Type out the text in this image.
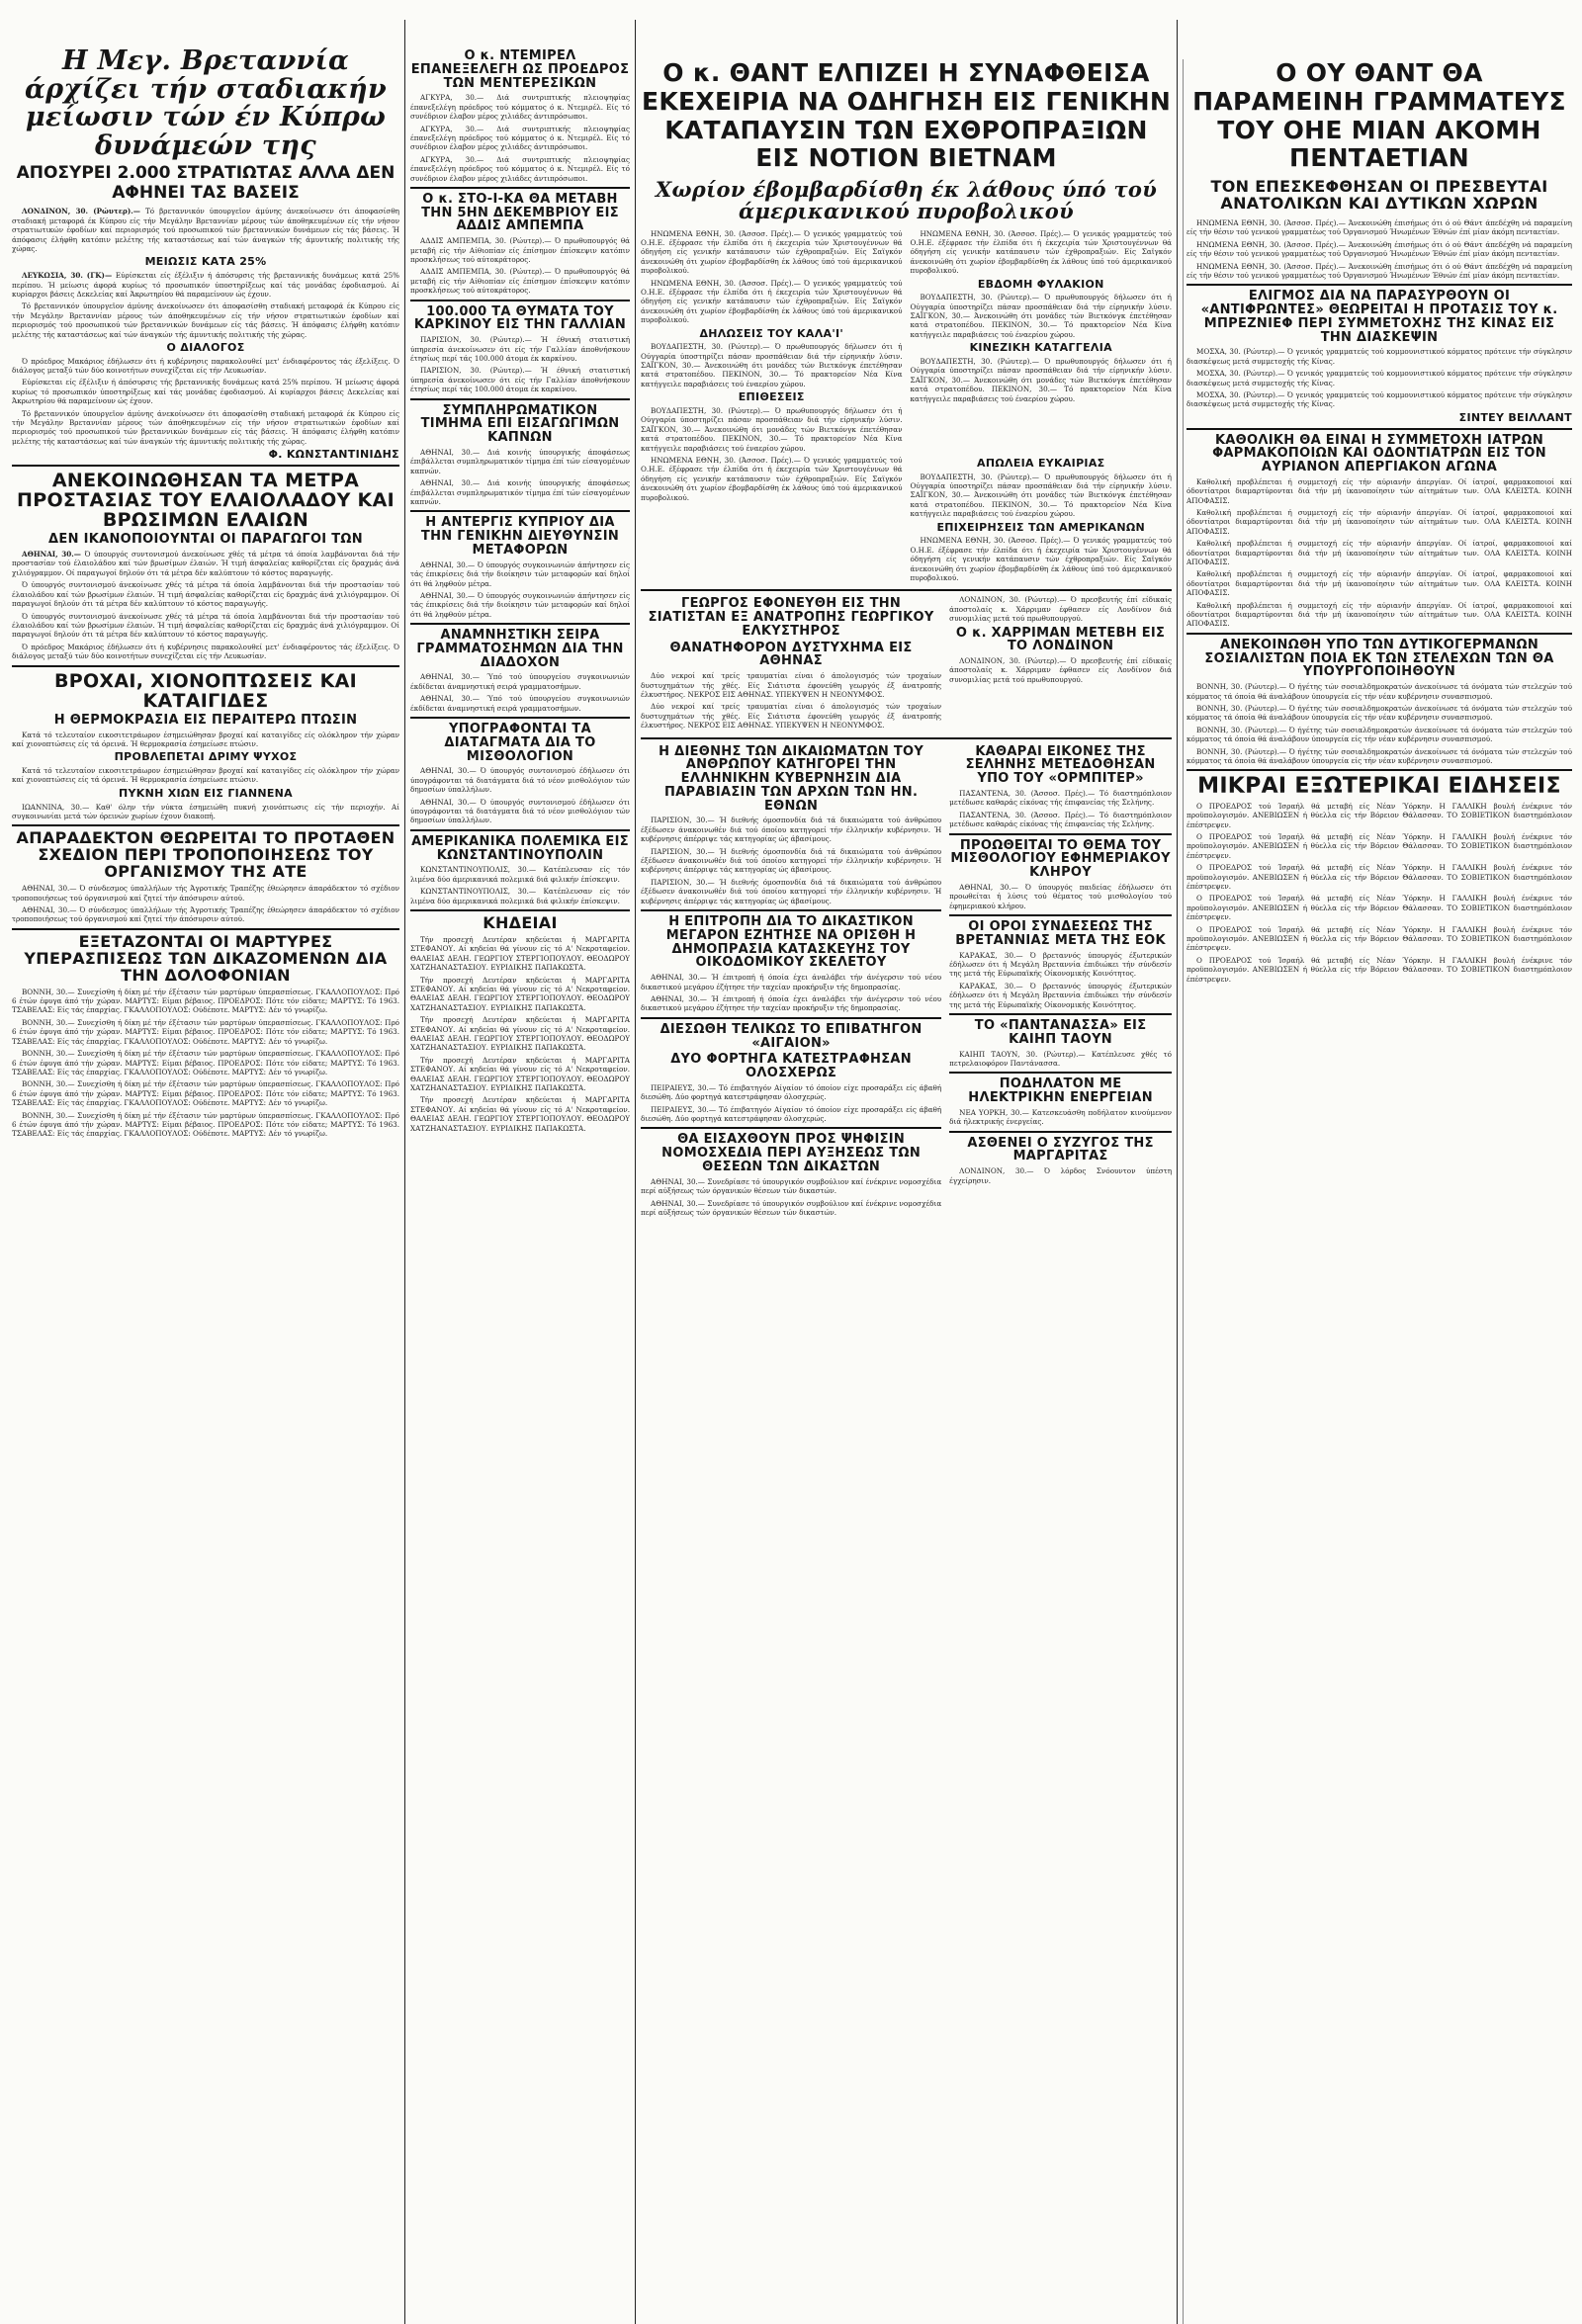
Η Μεγ. Βρεταννία άρχίζει τήν σταδιακήν μείωσιν τών έν Κύπρω δυνάμεών της
ΑΠΟΣΥΡΕΙ 2.000 ΣΤΡΑΤΙΩΤΑΣ ΑΛΛΑ ΔΕΝ ΑΦΗΝΕΙ ΤΑΣ ΒΑΣΕΙΣ

ΛΟΝΔΙΝΟΝ, 30. (Ρώυτερ).— Τό βρεταννικόν ύπουργεϊον άμύνης άνεκοίνωσεν ότι άποφασίσθη σταδιακή μεταφορά έκ Κύπρου είς τήν Μεγάλην Βρεταννίαν μέρους τών άποθηκευμένων είς τήν νήσον στρατιωτικών έφοδίων καί περιορισμός τού προσωπικού τών βρεταννικών δυνάμεων είς τάς βάσεις. Ή άπόφασις έλήφθη κατόπιν μελέτης τής καταστάσεως καί τών άναγκών τής άμυντικής πολιτικής τής χώρας.

ΜΕΙΩΣΙΣ ΚΑΤΑ 25%

ΛΕΥΚΩΣΙΑ, 30. (ΓΚ)— Εύρίσκεται είς έξέλιξιν ή άπόσυρσις τής βρεταννικής δυνάμεως κατά 25% περίπου. Ή μείωσις άφορά κυρίως τό προσωπικόν ύποστηρίξεως καί τάς μονάδας έφοδιασμού. Αί κυρίαρχοι βάσεις Δεκελείας καί Άκρωτηρίου θά παραμείνουν ώς έχουν.

Τό βρεταννικόν ύπουργεϊον άμύνης άνεκοίνωσεν ότι άποφασίσθη σταδιακή μεταφορά έκ Κύπρου είς τήν Μεγάλην Βρεταννίαν μέρους τών άποθηκευμένων είς τήν νήσον στρατιωτικών έφοδίων καί περιορισμός τού προσωπικού τών βρεταννικών δυνάμεων είς τάς βάσεις. Ή άπόφασις έλήφθη κατόπιν μελέτης τής καταστάσεως καί τών άναγκών τής άμυντικής πολιτικής τής χώρας.

Ο ΔΙΑΛΟΓΟΣ

Ό πρόεδρος Μακάριος έδήλωσεν ότι ή κυβέρνησις παρακολουθεί μετ' ένδιαφέροντος τάς έξελίξεις. Ό διάλογος μεταξύ τών δύο κοινοτήτων συνεχίζεται είς τήν Λευκωσίαν.

Εύρίσκεται είς έξέλιξιν ή άπόσυρσις τής βρεταννικής δυνάμεως κατά 25% περίπου. Ή μείωσις άφορά κυρίως τό προσωπικόν ύποστηρίξεως καί τάς μονάδας έφοδιασμού. Αί κυρίαρχοι βάσεις Δεκελείας καί Άκρωτηρίου θά παραμείνουν ώς έχουν.

Τό βρεταννικόν ύπουργεϊον άμύνης άνεκοίνωσεν ότι άποφασίσθη σταδιακή μεταφορά έκ Κύπρου είς τήν Μεγάλην Βρεταννίαν μέρους τών άποθηκευμένων είς τήν νήσον στρατιωτικών έφοδίων καί περιορισμός τού προσωπικού τών βρεταννικών δυνάμεων είς τάς βάσεις. Ή άπόφασις έλήφθη κατόπιν μελέτης τής καταστάσεως καί τών άναγκών τής άμυντικής πολιτικής τής χώρας.

Φ. ΚΩΝΣΤΑΝΤΙΝΙΔΗΣ
ΑΝΕΚΟΙΝΩΘΗΣΑΝ ΤΑ ΜΕΤΡΑ ΠΡΟΣΤΑΣΙΑΣ ΤΟΥ ΕΛΑΙΟΛΑΔΟΥ ΚΑΙ ΒΡΩΣΙΜΩΝ ΕΛΑΙΩΝ
ΔΕΝ ΙΚΑΝΟΠΟΙΟΥΝΤΑΙ ΟΙ ΠΑΡΑΓΩΓΟΙ ΤΩΝ

ΑΘΗΝΑΙ, 30.— Ό ύπουργός συντονισμού άνεκοίνωσε χθές τά μέτρα τά όποία λαμβάνονται διά τήν προστασίαν τού έλαιολάδου καί τών βρωσίμων έλαιών. Ή τιμή άσφαλείας καθορίζεται είς δραχμάς άνά χιλιόγραμμον. Οί παραγωγοί δηλούν ότι τά μέτρα δέν καλύπτουν τό κόστος παραγωγής.

Ό ύπουργός συντονισμού άνεκοίνωσε χθές τά μέτρα τά όποία λαμβάνονται διά τήν προστασίαν τού έλαιολάδου καί τών βρωσίμων έλαιών. Ή τιμή άσφαλείας καθορίζεται είς δραχμάς άνά χιλιόγραμμον. Οί παραγωγοί δηλούν ότι τά μέτρα δέν καλύπτουν τό κόστος παραγωγής.

Ό ύπουργός συντονισμού άνεκοίνωσε χθές τά μέτρα τά όποία λαμβάνονται διά τήν προστασίαν τού έλαιολάδου καί τών βρωσίμων έλαιών. Ή τιμή άσφαλείας καθορίζεται είς δραχμάς άνά χιλιόγραμμον. Οί παραγωγοί δηλούν ότι τά μέτρα δέν καλύπτουν τό κόστος παραγωγής.

Ό πρόεδρος Μακάριος έδήλωσεν ότι ή κυβέρνησις παρακολουθεί μετ' ένδιαφέροντος τάς έξελίξεις. Ό διάλογος μεταξύ τών δύο κοινοτήτων συνεχίζεται είς τήν Λευκωσίαν.

ΒΡΟΧΑΙ, ΧΙΟΝΟΠΤΩΣΕΙΣ ΚΑΙ ΚΑΤΑΙΓΙΔΕΣ
Η ΘΕΡΜΟΚΡΑΣΙΑ ΕΙΣ ΠΕΡΑΙΤΕΡΩ ΠΤΩΣΙΝ

Κατά τό τελευταίον εικοσιτετράωρον έσημειώθησαν βροχαί καί καταιγίδες είς ολόκληρον τήν χώραν καί χιονοπτώσεις είς τά όρεινά. Ή θερμοκρασία έσημείωσε πτώσιν.

ΠΡΟΒΛΕΠΕΤΑΙ ΔΡΙΜΥ ΨΥΧΟΣ

Κατά τό τελευταίον εικοσιτετράωρον έσημειώθησαν βροχαί καί καταιγίδες είς ολόκληρον τήν χώραν καί χιονοπτώσεις είς τά όρεινά. Ή θερμοκρασία έσημείωσε πτώσιν.

ΠΥΚΝΗ ΧΙΩΝ ΕΙΣ ΓΙΑΝΝΕΝΑ

ΙΩΑΝΝΙΝΑ, 30.— Καθ' όλην τήν νύκτα έσημειώθη πυκνή χιονόπτωσις είς τήν περιοχήν. Αί συγκοινωνίαι μετά τών όρεινών χωρίων έχουν διακοπή.

ΑΠΑΡΑΔΕΚΤΟΝ ΘΕΩΡΕΙΤΑΙ ΤΟ ΠΡΟΤΑΘΕΝ ΣΧΕΔΙΟΝ ΠΕΡΙ ΤΡΟΠΟΠΟΙΗΣΕΩΣ ΤΟΥ ΟΡΓΑΝΙΣΜΟΥ ΤΗΣ ΑΤΕ

ΑΘΗΝΑΙ, 30.— Ό σύνδεσμος ύπαλλήλων τής Άγροτικής Τραπέζης έθεώρησεν άπαράδεκτον τό σχέδιον τροποποιήσεως τού όργανισμού καί ζητεί τήν άπόσυρσιν αύτού.

ΑΘΗΝΑΙ, 30.— Ό σύνδεσμος ύπαλλήλων τής Άγροτικής Τραπέζης έθεώρησεν άπαράδεκτον τό σχέδιον τροποποιήσεως τού όργανισμού καί ζητεί τήν άπόσυρσιν αύτού.

ΕΞΕΤΑΖΟΝΤΑΙ ΟΙ ΜΑΡΤΥΡΕΣ ΥΠΕΡΑΣΠΙΣΕΩΣ ΤΩΝ ΔΙΚΑΖΟΜΕΝΩΝ ΔΙΑ ΤΗΝ ΔΟΛΟΦΟΝΙΑΝ

ΒΟΝΝΗ, 30.— Συνεχίσθη ή δίκη μέ τήν έξέτασιν τών μαρτύρων ύπερασπίσεως. ΓΚΑΛΛΟΠΟΥΛΟΣ: Πρό 6 έτών έφυγα άπό τήν χώραν. ΜΑΡΤΥΣ: Είμαι βέβαιος. ΠΡΟΕΔΡΟΣ: Πότε τόν είδατε; ΜΑΡΤΥΣ: Τό 1963. ΤΣΑΒΕΛΑΣ: Είς τάς έπαρχίας. ΓΚΑΛΛΟΠΟΥΛΟΣ: Ούδέποτε. ΜΑΡΤΥΣ: Δέν τό γνωρίζω.

ΒΟΝΝΗ, 30.— Συνεχίσθη ή δίκη μέ τήν έξέτασιν τών μαρτύρων ύπερασπίσεως. ΓΚΑΛΛΟΠΟΥΛΟΣ: Πρό 6 έτών έφυγα άπό τήν χώραν. ΜΑΡΤΥΣ: Είμαι βέβαιος. ΠΡΟΕΔΡΟΣ: Πότε τόν είδατε; ΜΑΡΤΥΣ: Τό 1963. ΤΣΑΒΕΛΑΣ: Είς τάς έπαρχίας. ΓΚΑΛΛΟΠΟΥΛΟΣ: Ούδέποτε. ΜΑΡΤΥΣ: Δέν τό γνωρίζω.

ΒΟΝΝΗ, 30.— Συνεχίσθη ή δίκη μέ τήν έξέτασιν τών μαρτύρων ύπερασπίσεως. ΓΚΑΛΛΟΠΟΥΛΟΣ: Πρό 6 έτών έφυγα άπό τήν χώραν. ΜΑΡΤΥΣ: Είμαι βέβαιος. ΠΡΟΕΔΡΟΣ: Πότε τόν είδατε; ΜΑΡΤΥΣ: Τό 1963. ΤΣΑΒΕΛΑΣ: Είς τάς έπαρχίας. ΓΚΑΛΛΟΠΟΥΛΟΣ: Ούδέποτε. ΜΑΡΤΥΣ: Δέν τό γνωρίζω.

ΒΟΝΝΗ, 30.— Συνεχίσθη ή δίκη μέ τήν έξέτασιν τών μαρτύρων ύπερασπίσεως. ΓΚΑΛΛΟΠΟΥΛΟΣ: Πρό 6 έτών έφυγα άπό τήν χώραν. ΜΑΡΤΥΣ: Είμαι βέβαιος. ΠΡΟΕΔΡΟΣ: Πότε τόν είδατε; ΜΑΡΤΥΣ: Τό 1963. ΤΣΑΒΕΛΑΣ: Είς τάς έπαρχίας. ΓΚΑΛΛΟΠΟΥΛΟΣ: Ούδέποτε. ΜΑΡΤΥΣ: Δέν τό γνωρίζω.

ΒΟΝΝΗ, 30.— Συνεχίσθη ή δίκη μέ τήν έξέτασιν τών μαρτύρων ύπερασπίσεως. ΓΚΑΛΛΟΠΟΥΛΟΣ: Πρό 6 έτών έφυγα άπό τήν χώραν. ΜΑΡΤΥΣ: Είμαι βέβαιος. ΠΡΟΕΔΡΟΣ: Πότε τόν είδατε; ΜΑΡΤΥΣ: Τό 1963. ΤΣΑΒΕΛΑΣ: Είς τάς έπαρχίας. ΓΚΑΛΛΟΠΟΥΛΟΣ: Ούδέποτε. ΜΑΡΤΥΣ: Δέν τό γνωρίζω.

Ο κ. ΝΤΕΜΙΡΕΛ ΕΠΑΝΕΞΕΛΕΓΗ ΩΣ ΠΡΟΕΔΡΟΣ ΤΩΝ ΜΕΝΤΕΡΕΣΙΚΩΝ

ΑΓΚΥΡΑ, 30.— Διά συντριπτικής πλειοψηφίας έπανεξελέγη πρόεδρος τού κόμματος ό κ. Ντεμιρέλ. Είς τό συνέδριον έλαβον μέρος χιλιάδες άντιπρόσωποι.

ΑΓΚΥΡΑ, 30.— Διά συντριπτικής πλειοψηφίας έπανεξελέγη πρόεδρος τού κόμματος ό κ. Ντεμιρέλ. Είς τό συνέδριον έλαβον μέρος χιλιάδες άντιπρόσωποι.

ΑΓΚΥΡΑ, 30.— Διά συντριπτικής πλειοψηφίας έπανεξελέγη πρόεδρος τού κόμματος ό κ. Ντεμιρέλ. Είς τό συνέδριον έλαβον μέρος χιλιάδες άντιπρόσωποι.

Ο κ. ΣΤΟ-Ι-ΚΑ ΘΑ ΜΕΤΑΒΗ ΤΗΝ 5ΗΝ ΔΕΚΕΜΒΡΙΟΥ ΕΙΣ ΑΔΔΙΣ ΑΜΠΕΜΠΑ

ΑΔΔΙΣ ΑΜΠΕΜΠΑ, 30. (Ρώυτερ).— Ό πρωθυπουργός θά μεταβή είς τήν Αίθιοπίαν είς έπίσημον έπίσκεψιν κατόπιν προσκλήσεως τού αύτοκράτορος.

ΑΔΔΙΣ ΑΜΠΕΜΠΑ, 30. (Ρώυτερ).— Ό πρωθυπουργός θά μεταβή είς τήν Αίθιοπίαν είς έπίσημον έπίσκεψιν κατόπιν προσκλήσεως τού αύτοκράτορος.

100.000 ΤΑ ΘΥΜΑΤΑ ΤΟΥ ΚΑΡΚΙΝΟΥ ΕΙΣ ΤΗΝ ΓΑΛΛΙΑΝ

ΠΑΡΙΣΙΟΝ, 30. (Ρώυτερ).— Ή έθνική στατιστική ύπηρεσία άνεκοίνωσεν ότι είς τήν Γαλλίαν άποθνήσκουν έτησίως περί τάς 100.000 άτομα έκ καρκίνου.

ΠΑΡΙΣΙΟΝ, 30. (Ρώυτερ).— Ή έθνική στατιστική ύπηρεσία άνεκοίνωσεν ότι είς τήν Γαλλίαν άποθνήσκουν έτησίως περί τάς 100.000 άτομα έκ καρκίνου.

ΣΥΜΠΛΗΡΩΜΑΤΙΚΟΝ ΤΙΜΗΜΑ ΕΠΙ ΕΙΣΑΓΩΓΙΜΩΝ ΚΑΠΝΩΝ

ΑΘΗΝΑΙ, 30.— Διά κοινής ύπουργικής άποφάσεως έπιβάλλεται συμπληρωματικόν τίμημα έπί τών είσαγομένων καπνών.

ΑΘΗΝΑΙ, 30.— Διά κοινής ύπουργικής άποφάσεως έπιβάλλεται συμπληρωματικόν τίμημα έπί τών είσαγομένων καπνών.

Η ΑΝΤΕΡΓΙΣ ΚΥΠΡΙΟΥ ΔΙΑ ΤΗΝ ΓΕΝΙΚΗΝ ΔΙΕΥΘΥΝΣΙΝ ΜΕΤΑΦΟΡΩΝ

ΑΘΗΝΑΙ, 30.— Ό ύπουργός συγκοινωνιών άπήντησεν είς τάς έπικρίσεις διά τήν διοίκησιν τών μεταφορών καί δηλοί ότι θά ληφθούν μέτρα.

ΑΘΗΝΑΙ, 30.— Ό ύπουργός συγκοινωνιών άπήντησεν είς τάς έπικρίσεις διά τήν διοίκησιν τών μεταφορών καί δηλοί ότι θά ληφθούν μέτρα.

ΑΝΑΜΝΗΣΤΙΚΗ ΣΕΙΡΑ ΓΡΑΜΜΑΤΟΣΗΜΩΝ ΔΙΑ ΤΗΝ ΔΙΑΔΟΧΟΝ

ΑΘΗΝΑΙ, 30.— Ύπό τού ύπουργείου συγκοινωνιών έκδίδεται άναμνηστική σειρά γραμματοσήμων.

ΑΘΗΝΑΙ, 30.— Ύπό τού ύπουργείου συγκοινωνιών έκδίδεται άναμνηστική σειρά γραμματοσήμων.

ΥΠΟΓΡΑΦΟΝΤΑΙ ΤΑ ΔΙΑΤΑΓΜΑΤΑ ΔΙΑ ΤΟ ΜΙΣΘΟΛΟΓΙΟΝ

ΑΘΗΝΑΙ, 30.— Ό ύπουργός συντονισμού έδήλωσεν ότι ύπογράφονται τά διατάγματα διά τό νέον μισθολόγιον τών δημοσίων ύπαλλήλων.

ΑΘΗΝΑΙ, 30.— Ό ύπουργός συντονισμού έδήλωσεν ότι ύπογράφονται τά διατάγματα διά τό νέον μισθολόγιον τών δημοσίων ύπαλλήλων.

ΑΜΕΡΙΚΑΝΙΚΑ ΠΟΛΕΜΙΚΑ ΕΙΣ ΚΩΝΣΤΑΝΤΙΝΟΥΠΟΛΙΝ

ΚΩΝΣΤΑΝΤΙΝΟΥΠΟΛΙΣ, 30.— Κατέπλευσαν είς τόν λιμένα δύο άμερικανικά πολεμικά διά φιλικήν έπίσκεψιν.

ΚΩΝΣΤΑΝΤΙΝΟΥΠΟΛΙΣ, 30.— Κατέπλευσαν είς τόν λιμένα δύο άμερικανικά πολεμικά διά φιλικήν έπίσκεψιν.

ΚΗΔΕΙΑΙ

Τήν προσεχή Δευτέραν κηδεύεται ή ΜΑΡΓΑΡΙΤΑ ΣΤΕΦΑΝΟΥ. Αί κηδείαι θά γίνουν είς τό Α' Νεκροταφείον. ΘΑΛΕΙΑΣ ΔΕΛΗ. ΓΕΩΡΓΙΟΥ ΣΤΕΡΓΙΟΠΟΥΛΟΥ. ΘΕΟΔΩΡΟΥ ΧΑΤΖΗΑΝΑΣΤΑΣΙΟΥ. ΕΥΡΙΔΙΚΗΣ ΠΑΠΑΚΩΣΤΑ.

Τήν προσεχή Δευτέραν κηδεύεται ή ΜΑΡΓΑΡΙΤΑ ΣΤΕΦΑΝΟΥ. Αί κηδείαι θά γίνουν είς τό Α' Νεκροταφείον. ΘΑΛΕΙΑΣ ΔΕΛΗ. ΓΕΩΡΓΙΟΥ ΣΤΕΡΓΙΟΠΟΥΛΟΥ. ΘΕΟΔΩΡΟΥ ΧΑΤΖΗΑΝΑΣΤΑΣΙΟΥ. ΕΥΡΙΔΙΚΗΣ ΠΑΠΑΚΩΣΤΑ.

Τήν προσεχή Δευτέραν κηδεύεται ή ΜΑΡΓΑΡΙΤΑ ΣΤΕΦΑΝΟΥ. Αί κηδείαι θά γίνουν είς τό Α' Νεκροταφείον. ΘΑΛΕΙΑΣ ΔΕΛΗ. ΓΕΩΡΓΙΟΥ ΣΤΕΡΓΙΟΠΟΥΛΟΥ. ΘΕΟΔΩΡΟΥ ΧΑΤΖΗΑΝΑΣΤΑΣΙΟΥ. ΕΥΡΙΔΙΚΗΣ ΠΑΠΑΚΩΣΤΑ.

Τήν προσεχή Δευτέραν κηδεύεται ή ΜΑΡΓΑΡΙΤΑ ΣΤΕΦΑΝΟΥ. Αί κηδείαι θά γίνουν είς τό Α' Νεκροταφείον. ΘΑΛΕΙΑΣ ΔΕΛΗ. ΓΕΩΡΓΙΟΥ ΣΤΕΡΓΙΟΠΟΥΛΟΥ. ΘΕΟΔΩΡΟΥ ΧΑΤΖΗΑΝΑΣΤΑΣΙΟΥ. ΕΥΡΙΔΙΚΗΣ ΠΑΠΑΚΩΣΤΑ.

Τήν προσεχή Δευτέραν κηδεύεται ή ΜΑΡΓΑΡΙΤΑ ΣΤΕΦΑΝΟΥ. Αί κηδείαι θά γίνουν είς τό Α' Νεκροταφείον. ΘΑΛΕΙΑΣ ΔΕΛΗ. ΓΕΩΡΓΙΟΥ ΣΤΕΡΓΙΟΠΟΥΛΟΥ. ΘΕΟΔΩΡΟΥ ΧΑΤΖΗΑΝΑΣΤΑΣΙΟΥ. ΕΥΡΙΔΙΚΗΣ ΠΑΠΑΚΩΣΤΑ.

Ο κ. ΘΑΝΤ ΕΛΠΙΖΕΙ Η ΣΥΝΑΦΘΕΙΣΑ ΕΚΕΧΕΙΡΙΑ ΝΑ ΟΔΗΓΗΣΗ ΕΙΣ ΓΕΝΙΚΗΝ ΚΑΤΑΠΑΥΣΙΝ ΤΩΝ ΕΧΘΡΟΠΡΑΞΙΩΝ ΕΙΣ ΝΟΤΙΟΝ ΒΙΕΤΝΑΜ
Χωρίον έβομβαρδίσθη έκ λάθους ύπό τού άμερικανικού πυροβολικού

ΗΝΩΜΕΝΑ ΕΘΝΗ, 30. (Άσσοσ. Πρές).— Ό γενικός γραμματεύς τού Ο.Η.Ε. έξέφρασε τήν έλπίδα ότι ή έκεχειρία τών Χριστουγέννων θά όδηγήση είς γενικήν κατάπαυσιν τών έχθροπραξιών. Είς Σαϊγκόν άνεκοινώθη ότι χωρίον έβομβαρδίσθη έκ λάθους ύπό τού άμερικανικού πυροβολικού.

ΗΝΩΜΕΝΑ ΕΘΝΗ, 30. (Άσσοσ. Πρές).— Ό γενικός γραμματεύς τού Ο.Η.Ε. έξέφρασε τήν έλπίδα ότι ή έκεχειρία τών Χριστουγέννων θά όδηγήση είς γενικήν κατάπαυσιν τών έχθροπραξιών. Είς Σαϊγκόν άνεκοινώθη ότι χωρίον έβομβαρδίσθη έκ λάθους ύπό τού άμερικανικού πυροβολικού.

ΔΗΛΩΣΕΙΣ ΤΟΥ ΚΑΛΑ'Ι'

ΒΟΥΔΑΠΕΣΤΗ, 30. (Ρώυτερ).— Ό πρωθυπουργός δήλωσεν ότι ή Ούγγαρία ύποστηρίζει πάσαν προσπάθειαν διά τήν είρηνικήν λύσιν. ΣΑΪΓΚΟΝ, 30.— Άνεκοινώθη ότι μονάδες τών Βιετκόνγκ έπετέθησαν κατά στρατοπέδου. ΠΕΚΙΝΟΝ, 30.— Τό πρακτορείον Νέα Κίνα κατήγγειλε παραβιάσεις τού έναερίου χώρου.

ΕΠΙΘΕΣΕΙΣ

ΒΟΥΔΑΠΕΣΤΗ, 30. (Ρώυτερ).— Ό πρωθυπουργός δήλωσεν ότι ή Ούγγαρία ύποστηρίζει πάσαν προσπάθειαν διά τήν είρηνικήν λύσιν. ΣΑΪΓΚΟΝ, 30.— Άνεκοινώθη ότι μονάδες τών Βιετκόνγκ έπετέθησαν κατά στρατοπέδου. ΠΕΚΙΝΟΝ, 30.— Τό πρακτορείον Νέα Κίνα κατήγγειλε παραβιάσεις τού έναερίου χώρου.

ΗΝΩΜΕΝΑ ΕΘΝΗ, 30. (Άσσοσ. Πρές).— Ό γενικός γραμματεύς τού Ο.Η.Ε. έξέφρασε τήν έλπίδα ότι ή έκεχειρία τών Χριστουγέννων θά όδηγήση είς γενικήν κατάπαυσιν τών έχθροπραξιών. Είς Σαϊγκόν άνεκοινώθη ότι χωρίον έβομβαρδίσθη έκ λάθους ύπό τού άμερικανικού πυροβολικού.

ΕΒΔΟΜΗ ΦΥΛΑΚΙΟΝ

ΒΟΥΔΑΠΕΣΤΗ, 30. (Ρώυτερ).— Ό πρωθυπουργός δήλωσεν ότι ή Ούγγαρία ύποστηρίζει πάσαν προσπάθειαν διά τήν είρηνικήν λύσιν. ΣΑΪΓΚΟΝ, 30.— Άνεκοινώθη ότι μονάδες τών Βιετκόνγκ έπετέθησαν κατά στρατοπέδου. ΠΕΚΙΝΟΝ, 30.— Τό πρακτορείον Νέα Κίνα κατήγγειλε παραβιάσεις τού έναερίου χώρου.

ΚΙΝΕΖΙΚΗ ΚΑΤΑΓΓΕΛΙΑ

ΒΟΥΔΑΠΕΣΤΗ, 30. (Ρώυτερ).— Ό πρωθυπουργός δήλωσεν ότι ή Ούγγαρία ύποστηρίζει πάσαν προσπάθειαν διά τήν είρηνικήν λύσιν. ΣΑΪΓΚΟΝ, 30.— Άνεκοινώθη ότι μονάδες τών Βιετκόνγκ έπετέθησαν κατά στρατοπέδου. ΠΕΚΙΝΟΝ, 30.— Τό πρακτορείον Νέα Κίνα κατήγγειλε παραβιάσεις τού έναερίου χώρου.

ΗΝΩΜΕΝΑ ΕΘΝΗ, 30. (Άσσοσ. Πρές).— Ό γενικός γραμματεύς τού Ο.Η.Ε. έξέφρασε τήν έλπίδα ότι ή έκεχειρία τών Χριστουγέννων θά όδηγήση είς γενικήν κατάπαυσιν τών έχθροπραξιών. Είς Σαϊγκόν άνεκοινώθη ότι χωρίον έβομβαρδίσθη έκ λάθους ύπό τού άμερικανικού πυροβολικού.

ΑΠΩΛΕΙΑ ΕΥΚΑΙΡΙΑΣ

ΒΟΥΔΑΠΕΣΤΗ, 30. (Ρώυτερ).— Ό πρωθυπουργός δήλωσεν ότι ή Ούγγαρία ύποστηρίζει πάσαν προσπάθειαν διά τήν είρηνικήν λύσιν. ΣΑΪΓΚΟΝ, 30.— Άνεκοινώθη ότι μονάδες τών Βιετκόνγκ έπετέθησαν κατά στρατοπέδου. ΠΕΚΙΝΟΝ, 30.— Τό πρακτορείον Νέα Κίνα κατήγγειλε παραβιάσεις τού έναερίου χώρου.

ΕΠΙΧΕΙΡΗΣΕΙΣ ΤΩΝ ΑΜΕΡΙΚΑΝΩΝ

ΗΝΩΜΕΝΑ ΕΘΝΗ, 30. (Άσσοσ. Πρές).— Ό γενικός γραμματεύς τού Ο.Η.Ε. έξέφρασε τήν έλπίδα ότι ή έκεχειρία τών Χριστουγέννων θά όδηγήση είς γενικήν κατάπαυσιν τών έχθροπραξιών. Είς Σαϊγκόν άνεκοινώθη ότι χωρίον έβομβαρδίσθη έκ λάθους ύπό τού άμερικανικού πυροβολικού.

ΓΕΩΡΓΟΣ ΕΦΟΝΕΥΘΗ ΕΙΣ ΤΗΝ ΣΙΑΤΙΣΤΑΝ ΕΞ ΑΝΑΤΡΟΠΗΣ ΓΕΩΡΓΙΚΟΥ ΕΛΚΥΣΤΗΡΟΣ
ΘΑΝΑΤΗΦΟΡΟΝ ΔΥΣΤΥΧΗΜΑ ΕΙΣ ΑΘΗΝΑΣ

Δύο νεκροί καί τρείς τραυματίαι είναι ό άπολογισμός τών τροχαίων δυστυχημάτων τής χθές. Είς Σιάτιστα έφονεύθη γεωργός έξ άνατροπής έλκυστήρος. ΝΕΚΡΟΣ ΕΙΣ ΑΘΗΝΑΣ. ΥΠΕΚΥΨΕΝ Η ΝΕΟΝΥΜΦΟΣ.

Δύο νεκροί καί τρείς τραυματίαι είναι ό άπολογισμός τών τροχαίων δυστυχημάτων τής χθές. Είς Σιάτιστα έφονεύθη γεωργός έξ άνατροπής έλκυστήρος. ΝΕΚΡΟΣ ΕΙΣ ΑΘΗΝΑΣ. ΥΠΕΚΥΨΕΝ Η ΝΕΟΝΥΜΦΟΣ.

ΛΟΝΔΙΝΟΝ, 30. (Ρώυτερ).— Ό πρεσβευτής έπί είδικαίς άποστολαίς κ. Χάρριμαν έφθασεν είς Λονδίνον διά συνομιλίας μετά τού πρωθυπουργού.

Ο κ. ΧΑΡΡΙΜΑΝ ΜΕΤΕΒΗ ΕΙΣ ΤΟ ΛΟΝΔΙΝΟΝ

ΛΟΝΔΙΝΟΝ, 30. (Ρώυτερ).— Ό πρεσβευτής έπί είδικαίς άποστολαίς κ. Χάρριμαν έφθασεν είς Λονδίνον διά συνομιλίας μετά τού πρωθυπουργού.

Η ΔΙΕΘΝΗΣ ΤΩΝ ΔΙΚΑΙΩΜΑΤΩΝ ΤΟΥ ΑΝΘΡΩΠΟΥ ΚΑΤΗΓΟΡΕΙ ΤΗΝ ΕΛΛΗΝΙΚΗΝ ΚΥΒΕΡΝΗΣΙΝ ΔΙΑ ΠΑΡΑΒΙΑΣΙΝ ΤΩΝ ΑΡΧΩΝ ΤΩΝ ΗΝ. ΕΘΝΩΝ

ΠΑΡΙΣΙΟΝ, 30.— Ή διεθνής όμοσπονδία διά τά δικαιώματα τού άνθρώπου έξέδωσεν άνακοινωθέν διά τού όποίου κατηγορεί τήν έλληνικήν κυβέρνησιν. Ή κυβέρνησις άπέρριψε τάς κατηγορίας ώς άβασίμους.

ΠΑΡΙΣΙΟΝ, 30.— Ή διεθνής όμοσπονδία διά τά δικαιώματα τού άνθρώπου έξέδωσεν άνακοινωθέν διά τού όποίου κατηγορεί τήν έλληνικήν κυβέρνησιν. Ή κυβέρνησις άπέρριψε τάς κατηγορίας ώς άβασίμους.

ΠΑΡΙΣΙΟΝ, 30.— Ή διεθνής όμοσπονδία διά τά δικαιώματα τού άνθρώπου έξέδωσεν άνακοινωθέν διά τού όποίου κατηγορεί τήν έλληνικήν κυβέρνησιν. Ή κυβέρνησις άπέρριψε τάς κατηγορίας ώς άβασίμους.

Η ΕΠΙΤΡΟΠΗ ΔΙΑ ΤΟ ΔΙΚΑΣΤΙΚΟΝ ΜΕΓΑΡΟΝ ΕΖΗΤΗΣΕ ΝΑ ΟΡΙΣΘΗ Η ΔΗΜΟΠΡΑΣΙΑ ΚΑΤΑΣΚΕΥΗΣ ΤΟΥ ΟΙΚΟΔΟΜΙΚΟΥ ΣΚΕΛΕΤΟΥ

ΑΘΗΝΑΙ, 30.— Ή έπιτροπή ή όποία έχει άναλάβει τήν άνέγερσιν τού νέου δικαστικού μεγάρου έζήτησε τήν ταχείαν προκήρυξιν τής δημοπρασίας.

ΑΘΗΝΑΙ, 30.— Ή έπιτροπή ή όποία έχει άναλάβει τήν άνέγερσιν τού νέου δικαστικού μεγάρου έζήτησε τήν ταχείαν προκήρυξιν τής δημοπρασίας.

ΔΙΕΣΩΘΗ ΤΕΛΙΚΩΣ ΤΟ ΕΠΙΒΑΤΗΓΟΝ «ΑΙΓΑΙΟΝ»
ΔΥΟ ΦΟΡΤΗΓΑ ΚΑΤΕΣΤΡΑΦΗΣΑΝ ΟΛΟΣΧΕΡΩΣ

ΠΕΙΡΑΙΕΥΣ, 30.— Τό έπιβατηγόν Αίγαίον τό όποίον είχε προσαράξει είς άβαθή διεσώθη. Δύο φορτηγά κατεστράφησαν όλοσχερώς.

ΠΕΙΡΑΙΕΥΣ, 30.— Τό έπιβατηγόν Αίγαίον τό όποίον είχε προσαράξει είς άβαθή διεσώθη. Δύο φορτηγά κατεστράφησαν όλοσχερώς.

ΘΑ ΕΙΣΑΧΘΟΥΝ ΠΡΟΣ ΨΗΦΙΣΙΝ ΝΟΜΟΣΧΕΔΙΑ ΠΕΡΙ ΑΥΞΗΣΕΩΣ ΤΩΝ ΘΕΣΕΩΝ ΤΩΝ ΔΙΚΑΣΤΩΝ

ΑΘΗΝΑΙ, 30.— Συνεδρίασε τό ύπουργικόν συμβούλιον καί ένέκρινε νομοσχέδια περί αύξήσεως τών όργανικών θέσεων τών δικαστών.

ΑΘΗΝΑΙ, 30.— Συνεδρίασε τό ύπουργικόν συμβούλιον καί ένέκρινε νομοσχέδια περί αύξήσεως τών όργανικών θέσεων τών δικαστών.

ΚΑΘΑΡΑΙ ΕΙΚΟΝΕΣ ΤΗΣ ΣΕΛΗΝΗΣ ΜΕΤΕΔΟΘΗΣΑΝ ΥΠΟ ΤΟΥ «ΟΡΜΠΙΤΕΡ»

ΠΑΣΑΝΤΕΝΑ, 30. (Άσσοσ. Πρές).— Τό διαστημόπλοιον μετέδωσε καθαράς είκόνας τής έπιφανείας τής Σελήνης.

ΠΑΣΑΝΤΕΝΑ, 30. (Άσσοσ. Πρές).— Τό διαστημόπλοιον μετέδωσε καθαράς είκόνας τής έπιφανείας τής Σελήνης.

ΠΡΟΩΘΕΙΤΑΙ ΤΟ ΘΕΜΑ ΤΟΥ ΜΙΣΘΟΛΟΓΙΟΥ ΕΦΗΜΕΡΙΑΚΟΥ ΚΛΗΡΟΥ

ΑΘΗΝΑΙ, 30.— Ό ύπουργός παιδείας έδήλωσεν ότι προωθείται ή λύσις τού θέματος τού μισθολογίου τού έφημεριακού κλήρου.

ΟΙ ΟΡΟΙ ΣΥΝΔΕΣΕΩΣ ΤΗΣ ΒΡΕΤΑΝΝΙΑΣ ΜΕΤΑ ΤΗΣ ΕΟΚ

ΚΑΡΑΚΑΣ, 30.— Ό βρεταννός ύπουργός έξωτερικών έδήλωσεν ότι ή Μεγάλη Βρεταννία έπιδιώκει τήν σύνδεσίν της μετά τής Εύρωπαϊκής Οίκονομικής Κοινότητος.

ΚΑΡΑΚΑΣ, 30.— Ό βρεταννός ύπουργός έξωτερικών έδήλωσεν ότι ή Μεγάλη Βρεταννία έπιδιώκει τήν σύνδεσίν της μετά τής Εύρωπαϊκής Οίκονομικής Κοινότητος.

ΤΟ «ΠΑΝΤΑΝΑΣΣΑ» ΕΙΣ ΚΑΙΗΠ ΤΑΟΥΝ

ΚΑΙΗΠ ΤΑΟΥΝ, 30. (Ρώυτερ).— Κατέπλευσε χθές τό πετρελαιοφόρον Παντάνασσα.

ΠΟΔΗΛΑΤΟΝ ΜΕ ΗΛΕΚΤΡΙΚΗΝ ΕΝΕΡΓΕΙΑΝ

ΝΕΑ ΥΟΡΚΗ, 30.— Κατεσκευάσθη ποδήλατον κινούμενον διά ήλεκτρικής ένεργείας.

ΑΣΘΕΝΕΙ Ο ΣΥΖΥΓΟΣ ΤΗΣ ΜΑΡΓΑΡΙΤΑΣ

ΛΟΝΔΙΝΟΝ, 30.— Ό λόρδος Σνόουντον ύπέστη έγχείρησιν.

Ο ΟΥ ΘΑΝΤ ΘΑ ΠΑΡΑΜΕΙΝΗ ΓΡΑΜΜΑΤΕΥΣ ΤΟΥ ΟΗΕ ΜΙΑΝ ΑΚΟΜΗ ΠΕΝΤΑΕΤΙΑΝ
ΤΟΝ ΕΠΕΣΚΕΦΘΗΣΑΝ ΟΙ ΠΡΕΣΒΕΥΤΑΙ ΑΝΑΤΟΛΙΚΩΝ ΚΑΙ ΔΥΤΙΚΩΝ ΧΩΡΩΝ

ΗΝΩΜΕΝΑ ΕΘΝΗ, 30. (Άσσοσ. Πρές).— Άνεκοινώθη έπισήμως ότι ό ού Θάντ άπεδέχθη νά παραμείνη είς τήν θέσιν τού γενικού γραμματέως τού Όργανισμού Ήνωμένων Έθνών έπί μίαν άκόμη πενταετίαν.

ΗΝΩΜΕΝΑ ΕΘΝΗ, 30. (Άσσοσ. Πρές).— Άνεκοινώθη έπισήμως ότι ό ού Θάντ άπεδέχθη νά παραμείνη είς τήν θέσιν τού γενικού γραμματέως τού Όργανισμού Ήνωμένων Έθνών έπί μίαν άκόμη πενταετίαν.

ΗΝΩΜΕΝΑ ΕΘΝΗ, 30. (Άσσοσ. Πρές).— Άνεκοινώθη έπισήμως ότι ό ού Θάντ άπεδέχθη νά παραμείνη είς τήν θέσιν τού γενικού γραμματέως τού Όργανισμού Ήνωμένων Έθνών έπί μίαν άκόμη πενταετίαν.

ΕΛΙΓΜΟΣ ΔΙΑ ΝΑ ΠΑΡΑΣΥΡΘΟΥΝ ΟΙ «ΑΝΤΙΦΡΩΝΤΕΣ» ΘΕΩΡΕΙΤΑΙ Η ΠΡΟΤΑΣΙΣ ΤΟΥ κ. ΜΠΡΕΖΝΙΕΦ ΠΕΡΙ ΣΥΜΜΕΤΟΧΗΣ ΤΗΣ ΚΙΝΑΣ ΕΙΣ ΤΗΝ ΔΙΑΣΚΕΨΙΝ

ΜΟΣΧΑ, 30. (Ρώυτερ).— Ό γενικός γραμματεύς τού κομμουνιστικού κόμματος πρότεινε τήν σύγκλησιν διασκέψεως μετά συμμετοχής τής Κίνας.

ΜΟΣΧΑ, 30. (Ρώυτερ).— Ό γενικός γραμματεύς τού κομμουνιστικού κόμματος πρότεινε τήν σύγκλησιν διασκέψεως μετά συμμετοχής τής Κίνας.

ΜΟΣΧΑ, 30. (Ρώυτερ).— Ό γενικός γραμματεύς τού κομμουνιστικού κόμματος πρότεινε τήν σύγκλησιν διασκέψεως μετά συμμετοχής τής Κίνας.

ΣΙΝΤΕΥ ΒΕΙΛΛΑΝΤ
ΚΑΘΟΛΙΚΗ ΘΑ ΕΙΝΑΙ Η ΣΥΜΜΕΤΟΧΗ ΙΑΤΡΩΝ ΦΑΡΜΑΚΟΠΟΙΩΝ ΚΑΙ ΟΔΟΝΤΙΑΤΡΩΝ ΕΙΣ ΤΟΝ ΑΥΡΙΑΝΟΝ ΑΠΕΡΓΙΑΚΟΝ ΑΓΩΝΑ

Καθολική προβλέπεται ή συμμετοχή είς τήν αύριανήν άπεργίαν. Οί ίατροί, φαρμακοποιοί καί όδοντίατροι διαμαρτύρονται διά τήν μή ίκανοποίησιν τών αίτημάτων των. ΟΛΑ ΚΛΕΙΣΤΑ. ΚΟΙΝΗ ΑΠΟΦΑΣΙΣ.

Καθολική προβλέπεται ή συμμετοχή είς τήν αύριανήν άπεργίαν. Οί ίατροί, φαρμακοποιοί καί όδοντίατροι διαμαρτύρονται διά τήν μή ίκανοποίησιν τών αίτημάτων των. ΟΛΑ ΚΛΕΙΣΤΑ. ΚΟΙΝΗ ΑΠΟΦΑΣΙΣ.

Καθολική προβλέπεται ή συμμετοχή είς τήν αύριανήν άπεργίαν. Οί ίατροί, φαρμακοποιοί καί όδοντίατροι διαμαρτύρονται διά τήν μή ίκανοποίησιν τών αίτημάτων των. ΟΛΑ ΚΛΕΙΣΤΑ. ΚΟΙΝΗ ΑΠΟΦΑΣΙΣ.

Καθολική προβλέπεται ή συμμετοχή είς τήν αύριανήν άπεργίαν. Οί ίατροί, φαρμακοποιοί καί όδοντίατροι διαμαρτύρονται διά τήν μή ίκανοποίησιν τών αίτημάτων των. ΟΛΑ ΚΛΕΙΣΤΑ. ΚΟΙΝΗ ΑΠΟΦΑΣΙΣ.

Καθολική προβλέπεται ή συμμετοχή είς τήν αύριανήν άπεργίαν. Οί ίατροί, φαρμακοποιοί καί όδοντίατροι διαμαρτύρονται διά τήν μή ίκανοποίησιν τών αίτημάτων των. ΟΛΑ ΚΛΕΙΣΤΑ. ΚΟΙΝΗ ΑΠΟΦΑΣΙΣ.

ΑΝΕΚΟΙΝΩΘΗ ΥΠΟ ΤΩΝ ΔΥΤΙΚΟΓΕΡΜΑΝΩΝ ΣΟΣΙΑΛΙΣΤΩΝ ΠΟΙΑ ΕΚ ΤΩΝ ΣΤΕΛΕΧΩΝ ΤΩΝ ΘΑ ΥΠΟΥΡΓΟΠΟΙΗΘΟΥΝ

ΒΟΝΝΗ, 30. (Ρώυτερ).— Ό ήγέτης τών σοσιαλδημοκρατών άνεκοίνωσε τά όνόματα τών στελεχών τού κόμματος τά όποία θά άναλάβουν ύπουργεία είς τήν νέαν κυβέρνησιν συνασπισμού.

ΒΟΝΝΗ, 30. (Ρώυτερ).— Ό ήγέτης τών σοσιαλδημοκρατών άνεκοίνωσε τά όνόματα τών στελεχών τού κόμματος τά όποία θά άναλάβουν ύπουργεία είς τήν νέαν κυβέρνησιν συνασπισμού.

ΒΟΝΝΗ, 30. (Ρώυτερ).— Ό ήγέτης τών σοσιαλδημοκρατών άνεκοίνωσε τά όνόματα τών στελεχών τού κόμματος τά όποία θά άναλάβουν ύπουργεία είς τήν νέαν κυβέρνησιν συνασπισμού.

ΒΟΝΝΗ, 30. (Ρώυτερ).— Ό ήγέτης τών σοσιαλδημοκρατών άνεκοίνωσε τά όνόματα τών στελεχών τού κόμματος τά όποία θά άναλάβουν ύπουργεία είς τήν νέαν κυβέρνησιν συνασπισμού.

ΜΙΚΡΑΙ ΕΞΩΤΕΡΙΚΑΙ ΕΙΔΗΣΕΙΣ

Ο ΠΡΟΕΔΡΟΣ τού Ίσραήλ θά μεταβή είς Νέαν Ύόρκην. Η ΓΑΛΛΙΚΗ βουλή ένέκρινε τόν προϋπολογισμόν. ΑΝΕΒΙΩΣΕΝ ή θύελλα είς τήν Βόρειον Θάλασσαν. ΤΟ ΣΟΒΙΕΤΙΚΟΝ διαστημόπλοιον έπέστρεψεν.

Ο ΠΡΟΕΔΡΟΣ τού Ίσραήλ θά μεταβή είς Νέαν Ύόρκην. Η ΓΑΛΛΙΚΗ βουλή ένέκρινε τόν προϋπολογισμόν. ΑΝΕΒΙΩΣΕΝ ή θύελλα είς τήν Βόρειον Θάλασσαν. ΤΟ ΣΟΒΙΕΤΙΚΟΝ διαστημόπλοιον έπέστρεψεν.

Ο ΠΡΟΕΔΡΟΣ τού Ίσραήλ θά μεταβή είς Νέαν Ύόρκην. Η ΓΑΛΛΙΚΗ βουλή ένέκρινε τόν προϋπολογισμόν. ΑΝΕΒΙΩΣΕΝ ή θύελλα είς τήν Βόρειον Θάλασσαν. ΤΟ ΣΟΒΙΕΤΙΚΟΝ διαστημόπλοιον έπέστρεψεν.

Ο ΠΡΟΕΔΡΟΣ τού Ίσραήλ θά μεταβή είς Νέαν Ύόρκην. Η ΓΑΛΛΙΚΗ βουλή ένέκρινε τόν προϋπολογισμόν. ΑΝΕΒΙΩΣΕΝ ή θύελλα είς τήν Βόρειον Θάλασσαν. ΤΟ ΣΟΒΙΕΤΙΚΟΝ διαστημόπλοιον έπέστρεψεν.

Ο ΠΡΟΕΔΡΟΣ τού Ίσραήλ θά μεταβή είς Νέαν Ύόρκην. Η ΓΑΛΛΙΚΗ βουλή ένέκρινε τόν προϋπολογισμόν. ΑΝΕΒΙΩΣΕΝ ή θύελλα είς τήν Βόρειον Θάλασσαν. ΤΟ ΣΟΒΙΕΤΙΚΟΝ διαστημόπλοιον έπέστρεψεν.

Ο ΠΡΟΕΔΡΟΣ τού Ίσραήλ θά μεταβή είς Νέαν Ύόρκην. Η ΓΑΛΛΙΚΗ βουλή ένέκρινε τόν προϋπολογισμόν. ΑΝΕΒΙΩΣΕΝ ή θύελλα είς τήν Βόρειον Θάλασσαν. ΤΟ ΣΟΒΙΕΤΙΚΟΝ διαστημόπλοιον έπέστρεψεν.
